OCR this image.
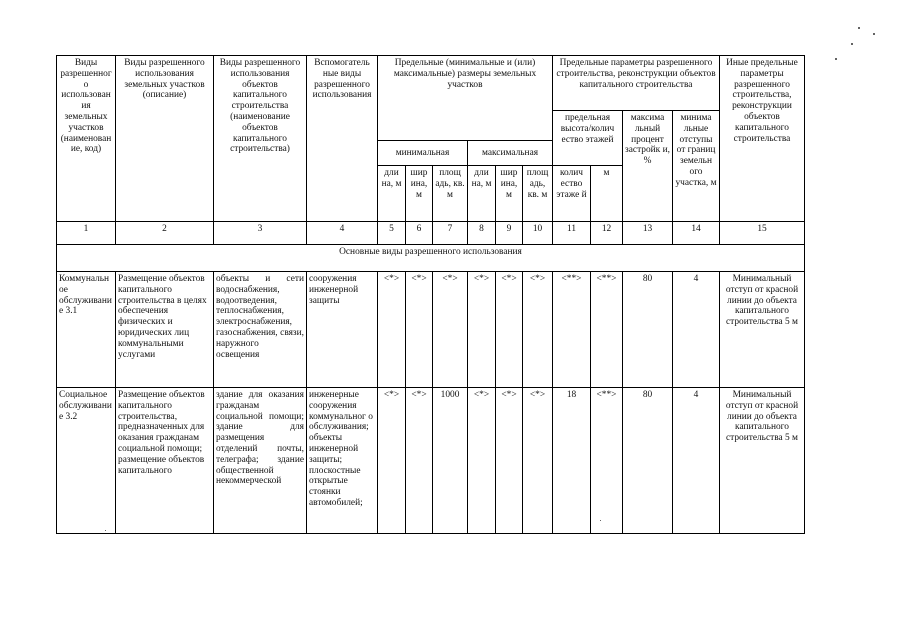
Виды разрешенног о использован ия земельных участков (наименован ие, код)	Виды разрешенного использования земельных участков (описание)	Виды разрешенного использования объектов капитального строительства (наименование объектов капитального строительства)	Вспомогатель ные виды разрешенного использования	Предельные (минимальные и (или) максимальные) размеры земельных участков						Предельные параметры разрешенного строительства, реконструкции объектов капитального строительства				Иные предельные параметры разрешенного строительства, реконструкции объектов капитального строительства
										предельная высота/колич ество этажей		максима льный процент застройк и, %	минима льные отступы от границ земельн ого участка, м	
				минимальная			максимальная							
				дли на, м	шир ина, м	площ адь, кв. м	дли на, м	шир ина, м	площ адь, кв. м	колич ество этаже й	м			
1	2	3	4	5	6	7	8	9	10	11	12	13	14	15
Основные виды разрешенного использования														
Коммунальн ое обслуживани е 3.1	Размещение объектов капитального строительства в целях обеспечения физических и юридических лиц коммунальными услугами	объекты и сети водоснабжения, водоотведения, теплоснабжения, электроснабжения, газоснабжения, связи, наружного освещения	сооружения инженерной защиты	<*>	<*>	<*>	<*>	<*>	<*>	<**>	<**>	80	4	Минимальный отступ от красной линии до объекта капитального строительства 5 м
Социальное обслуживани е 3.2	Размещение объектов капитального строительства, предназначенных для оказания гражданам социальной помощи; размещение объектов капитального	здание для оказания гражданам социальной помощи; здание для размещения отделений почты, телеграфа; здание общественной некоммерческой	инженерные сооружения коммунальног о обслуживания; объекты инженерной защиты; плоскостные открытые стоянки автомобилей;	<*>	<*>	1000	<*>	<*>	<*>	18	<**>	80	4	Минимальный отступ от красной линии до объекта капитального строительства 5 м
